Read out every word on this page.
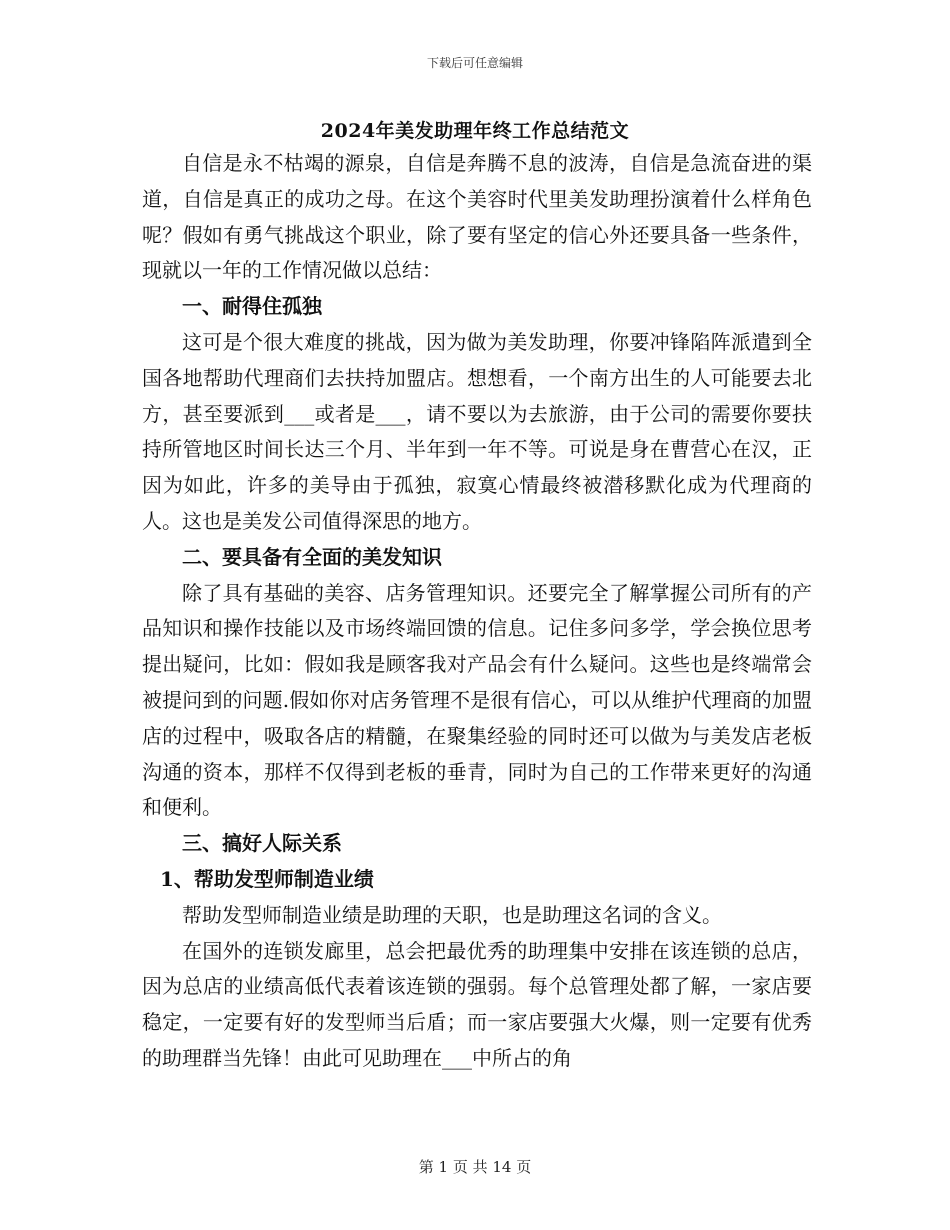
下载后可任意编辑
2024年美发助理年终工作总结范文

自信是永不枯竭的源泉，自信是奔腾不息的波涛，自信是急流奋进的渠道，自信是真正的成功之母。在这个美容时代里美发助理扮演着什么样角色呢？假如有勇气挑战这个职业，除了要有坚定的信心外还要具备一些条件，现就以一年的工作情况做以总结：

一、耐得住孤独

这可是个很大难度的挑战，因为做为美发助理，你要冲锋陷阵派遣到全国各地帮助代理商们去扶持加盟店。想想看，一个南方出生的人可能要去北方，甚至要派到___或者是___，请不要以为去旅游，由于公司的需要你要扶持所管地区时间长达三个月、半年到一年不等。可说是身在曹营心在汉，正因为如此，许多的美导由于孤独，寂寞心情最终被潜移默化成为代理商的人。这也是美发公司值得深思的地方。

二、要具备有全面的美发知识

除了具有基础的美容、店务管理知识。还要完全了解掌握公司所有的产品知识和操作技能以及市场终端回馈的信息。记住多问多学，学会换位思考提出疑问，比如：假如我是顾客我对产品会有什么疑问。这些也是终端常会被提问到的问题.假如你对店务管理不是很有信心，可以从维护代理商的加盟店的过程中，吸取各店的精髓，在聚集经验的同时还可以做为与美发店老板沟通的资本，那样不仅得到老板的垂青，同时为自己的工作带来更好的沟通和便利。

三、搞好人际关系

1、帮助发型师制造业绩

帮助发型师制造业绩是助理的天职，也是助理这名词的含义。

在国外的连锁发廊里，总会把最优秀的助理集中安排在该连锁的总店，因为总店的业绩高低代表着该连锁的强弱。每个总管理处都了解，一家店要稳定，一定要有好的发型师当后盾；而一家店要强大火爆，则一定要有优秀的助理群当先锋！由此可见助理在___中所占的角

第 1 页 共 14 页
